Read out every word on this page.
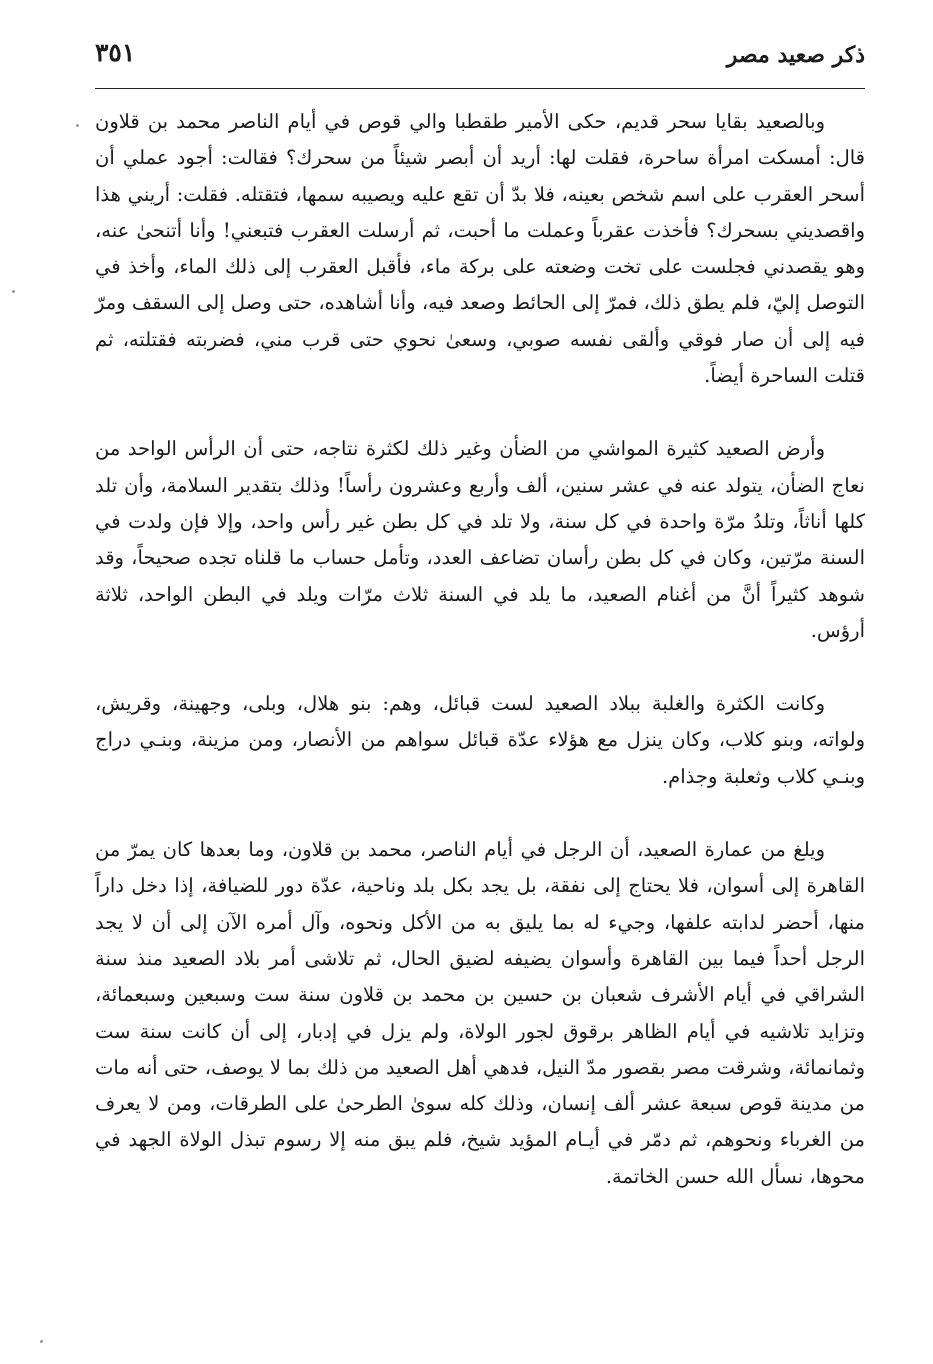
٣٥١	ذكر صعيد مصر

وبالصعيد بقايا سحر قديم، حكى الأمير طقطبا والي قوص في أيام الناصر محمد بن قلاون قال: أمسكت امرأة ساحرة، فقلت لها: أريد أن أبصر شيئاً من سحرك؟ فقالت: أجود عملي أن أسحر العقرب على اسم شخص بعينه، فلا بدّ أن تقع عليه ويصيبه سمها، فتقتله. فقلت: أريني هذا واقصديني بسحرك؟ فأخذت عقرباً وعملت ما أحبت، ثم أرسلت العقرب فتبعني! وأنا أتنحىٰ عنه، وهو يقصدني فجلست على تخت وضعته على بركة ماء، فأقبل العقرب إلى ذلك الماء، وأخذ في التوصل إليّ، فلم يطق ذلك، فمرّ إلى الحائط وصعد فيه، وأنا أشاهده، حتى وصل إلى السقف ومرّ فيه إلى أن صار فوقي وألقى نفسه صوبي، وسعىٰ نحوي حتى قرب مني، فضربته فقتلته، ثم قتلت الساحرة أيضاً.

وأرض الصعيد كثيرة المواشي من الضأن وغير ذلك لكثرة نتاجه، حتى أن الرأس الواحد من نعاج الضأن، يتولد عنه في عشر سنين، ألف وأربع وعشرون رأساً! وذلك بتقدير السلامة، وأن تلد كلها أناثاً، وتلدُ مرّة واحدة في كل سنة، ولا تلد في كل بطن غير رأس واحد، وإلا فإن ولدت في السنة مرّتين، وكان في كل بطن رأسان تضاعف العدد، وتأمل حساب ما قلناه تجده صحيحاً، وقد شوهد كثيراً أنَّ من أغنام الصعيد، ما يلد في السنة ثلاث مرّات ويلد في البطن الواحد، ثلاثة أرؤس.

وكانت الكثرة والغلبة ببلاد الصعيد لست قبائل، وهم: بنو هلال، وبلى، وجهينة، وقريش، ولواته، وبنو كلاب، وكان ينزل مع هؤلاء عدّة قبائل سواهم من الأنصار، ومن مزينة، وبنـي دراج وبنـي كلاب وثعلبة وجذام.

ويلغ من عمارة الصعيد، أن الرجل في أيام الناصر، محمد بن قلاون، وما بعدها كان يمرّ من القاهرة إلى أسوان، فلا يحتاج إلى نفقة، بل يجد بكل بلد وناحية، عدّة دور للضيافة، إذا دخل داراً منها، أحضر لدابته علفها، وجيء له بما يليق به من الأكل ونحوه، وآل أمره الآن إلى أن لا يجد الرجل أحداً فيما بين القاهرة وأسوان يضيفه لضيق الحال، ثم تلاشى أمر بلاد الصعيد منذ سنة الشراقي في أيام الأشرف شعبان بن حسين بن محمد بن قلاون سنة ست وسبعين وسبعمائة، وتزايد تلاشيه في أيام الظاهر برقوق لجور الولاة، ولم يزل في إدبار، إلى أن كانت سنة ست وثمانمائة، وشرقت مصر بقصور مدّ النيل، فدهي أهل الصعيد من ذلك بما لا يوصف، حتى أنه مات من مدينة قوص سبعة عشر ألف إنسان، وذلك كله سوىٰ الطرحىٰ على الطرقات، ومن لا يعرف من الغرباء ونحوهم، ثم دمّر في أيـام المؤيد شيخ، فلم يبق منه إلا رسوم تبذل الولاة الجهد في محوها، نسأل الله حسن الخاتمة.
